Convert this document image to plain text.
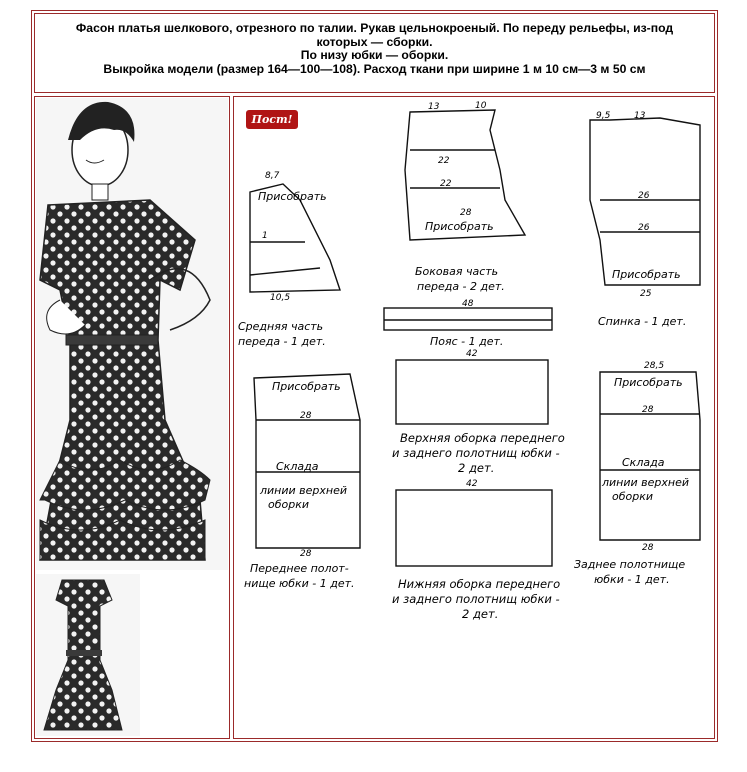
Фасон платья шелкового, отрезного по талии. Рукав цельнокроеный. По переду рельефы, из-под
которых — сборки.
По низу юбки — оборки.
Выкройка модели (размер 164—100—108). Расход ткани при ширине 1 м 10 см—3 м 50 см
Пост!
Присобрать
8,7
1
10,5
Средняя часть
переда - 1 дет.
13	10
22
22
28
Присобрать
Боковая часть
переда - 2 дет.
9,5	13
26
26
25
Присобрать
Спинка - 1 дет.
48
Пояс - 1 дет.
Присобрать
28
Склада
линии верхней
оборки
28
Переднее полот-
нище юбки - 1 дет.
42
Верхняя оборка переднего
и заднего полотнищ юбки -
2 дет.
42
Нижняя оборка переднего
и заднего полотнищ юбки -
2 дет.
28,5
Присобрать
28
Склада
линии верхней
оборки
28
Заднее полотнище
юбки - 1 дет.
